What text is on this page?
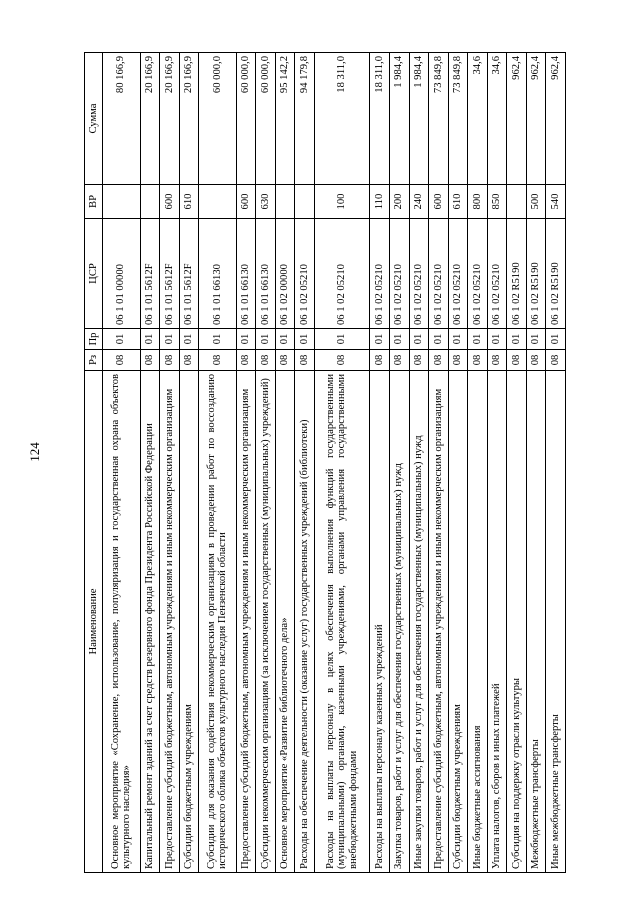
124
Наименование	Рз	Пр	ЦСР	ВР	Сумма
Основное мероприятие «Сохранение, использование, популяризация и государственная охрана объектов культурного наследия»	08	01	06 1 01 00000		80 166,9
Капитальный ремонт зданий за счет средств резервного фонда Президента Российской Федерации	08	01	06 1 01 5612F		20 166,9
Предоставление субсидий бюджетным, автономным учреждениям и иным некоммерческим организациям	08	01	06 1 01 5612F	600	20 166,9
Субсидии бюджетным учреждениям	08	01	06 1 01 5612F	610	20 166,9
Субсидии для оказания содействия некоммерческим организациям в проведении работ по воссозданию исторического облика объектов культурного наследия Пензенской области	08	01	06 1 01 66130		60 000,0
Предоставление субсидий бюджетным, автономным учреждениям и иным некоммерческим организациям	08	01	06 1 01 66130	600	60 000,0
Субсидии некоммерческим организациям (за исключением государственных (муниципальных) учреждений)	08	01	06 1 01 66130	630	60 000,0
Основное мероприятие «Развитие библиотечного дела»	08	01	06 1 02 00000		95 142,2
Расходы на обеспечение деятельности (оказание услуг) государственных учреждений (библиотеки)	08	01	06 1 02 05210		94 179,8
Расходы на выплаты персоналу в целях обеспечения выполнения функций государственными (муниципальными) органами, казенными учреждениями, органами управления государственными внебюджетными фондами	08	01	06 1 02 05210	100	18 311,0
Расходы на выплаты персоналу казенных учреждений	08	01	06 1 02 05210	110	18 311,0
Закупка товаров, работ и услуг для обеспечения государственных (муниципальных) нужд	08	01	06 1 02 05210	200	1 984,4
Иные закупки товаров, работ и услуг для обеспечения государственных (муниципальных) нужд	08	01	06 1 02 05210	240	1 984,4
Предоставление субсидий бюджетным, автономным учреждениям и иным некоммерческим организациям	08	01	06 1 02 05210	600	73 849,8
Субсидии бюджетным учреждениям	08	01	06 1 02 05210	610	73 849,8
Иные бюджетные ассигнования	08	01	06 1 02 05210	800	34,6
Уплата налогов, сборов и иных платежей	08	01	06 1 02 05210	850	34,6
Субсидия на поддержку отрасли культуры	08	01	06 1 02 R5190		962,4
Межбюджетные трансферты	08	01	06 1 02 R5190	500	962,4
Иные межбюджетные трансферты	08	01	06 1 02 R5190	540	962,4
